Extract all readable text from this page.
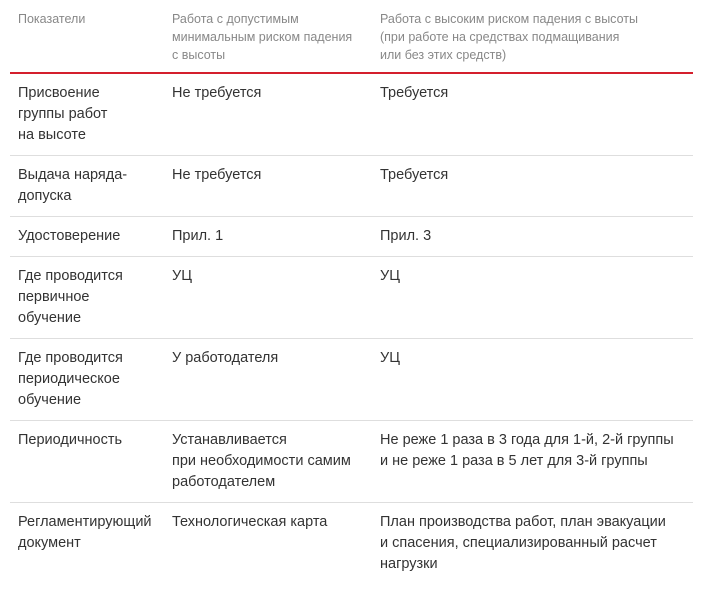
Показатели	Работа с допустимым
минимальным риском падения
с высоты	Работа с высоким риском падения с высоты
(при работе на средствах подмащивания
или без этих средств)

Присвоение
группы работ
на высоте	Не требуется	Требуется

Выдача наряда-
допуска	Не требуется	Требуется

Удостоверение	Прил. 1	Прил. 3

Где проводится
первичное
обучение	УЦ	УЦ

Где проводится
периодическое
обучение	У работодателя	УЦ

Периодичность	Устанавливается
при необходимости самим
работодателем	Не реже 1 раза в 3 года для 1-й, 2-й группы
и не реже 1 раза в 5 лет для 3-й группы

Регламентирующий
документ	Технологическая карта	План производства работ, план эвакуации
и спасения, специализированный расчет
нагрузки
